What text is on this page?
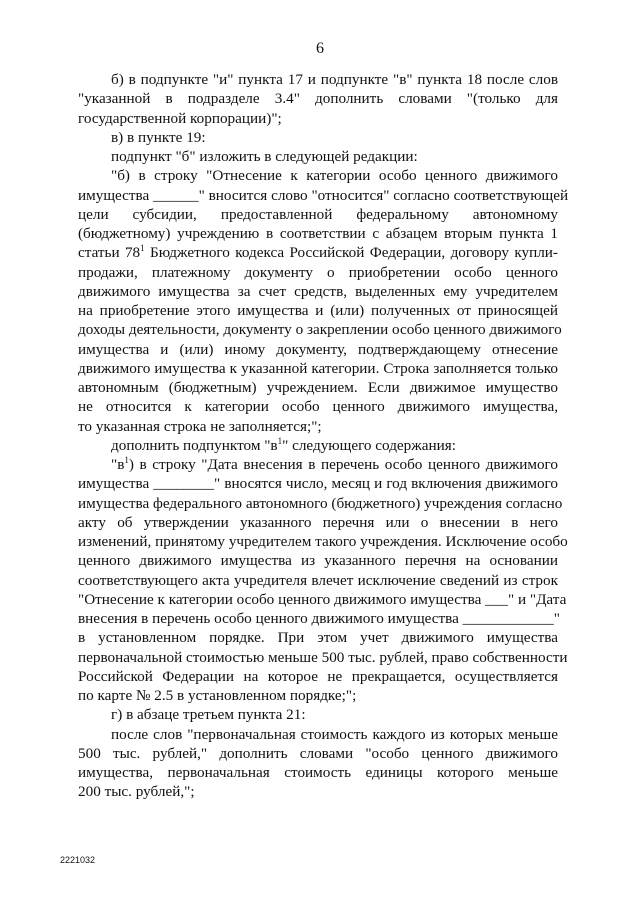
6
б) в подпункте "и" пункта 17 и подпункте "в" пункта 18 после слов
"указанной в подразделе 3.4" дополнить словами "(только для
государственной корпорации)";
в) в пункте 19:
подпункт "б" изложить в следующей редакции:
"б) в строку "Отнесение к категории особо ценного движимого
имущества ______" вносится слово "относится" согласно соответствующей
цели субсидии, предоставленной федеральному автономному
(бюджетному) учреждению в соответствии с абзацем вторым пункта 1
статьи $78^1$ Бюджетного кодекса Российской Федерации, договору купли-
продажи, платежному документу о приобретении особо ценного
движимого имущества за счет средств, выделенных ему учредителем
на приобретение этого имущества и (или) полученных от приносящей
доходы деятельности, документу о закреплении особо ценного движимого
имущества и (или) иному документу, подтверждающему отнесение
движимого имущества к указанной категории. Строка заполняется только
автономным (бюджетным) учреждением. Если движимое имущество
не относится к категории особо ценного движимого имущества,
то указанная строка не заполняется;";
дополнить подпунктом "$в^1$" следующего содержания:
"$в^1$) в строку "Дата внесения в перечень особо ценного движимого
имущества ________" вносятся число, месяц и год включения движимого
имущества федерального автономного (бюджетного) учреждения согласно
акту об утверждении указанного перечня или о внесении в него
изменений, принятому учредителем такого учреждения. Исключение особо
ценного движимого имущества из указанного перечня на основании
соответствующего акта учредителя влечет исключение сведений из строк
"Отнесение к категории особо ценного движимого имущества ___" и "Дата
внесения в перечень особо ценного движимого имущества ____________"
в установленном порядке. При этом учет движимого имущества
первоначальной стоимостью меньше 500 тыс. рублей, право собственности
Российской Федерации на которое не прекращается, осуществляется
по карте № 2.5 в установленном порядке;";
г) в абзаце третьем пункта 21:
после слов "первоначальная стоимость каждого из которых меньше
500 тыс. рублей," дополнить словами "особо ценного движимого
имущества, первоначальная стоимость единицы которого меньше
200 тыс. рублей,";
2221032
